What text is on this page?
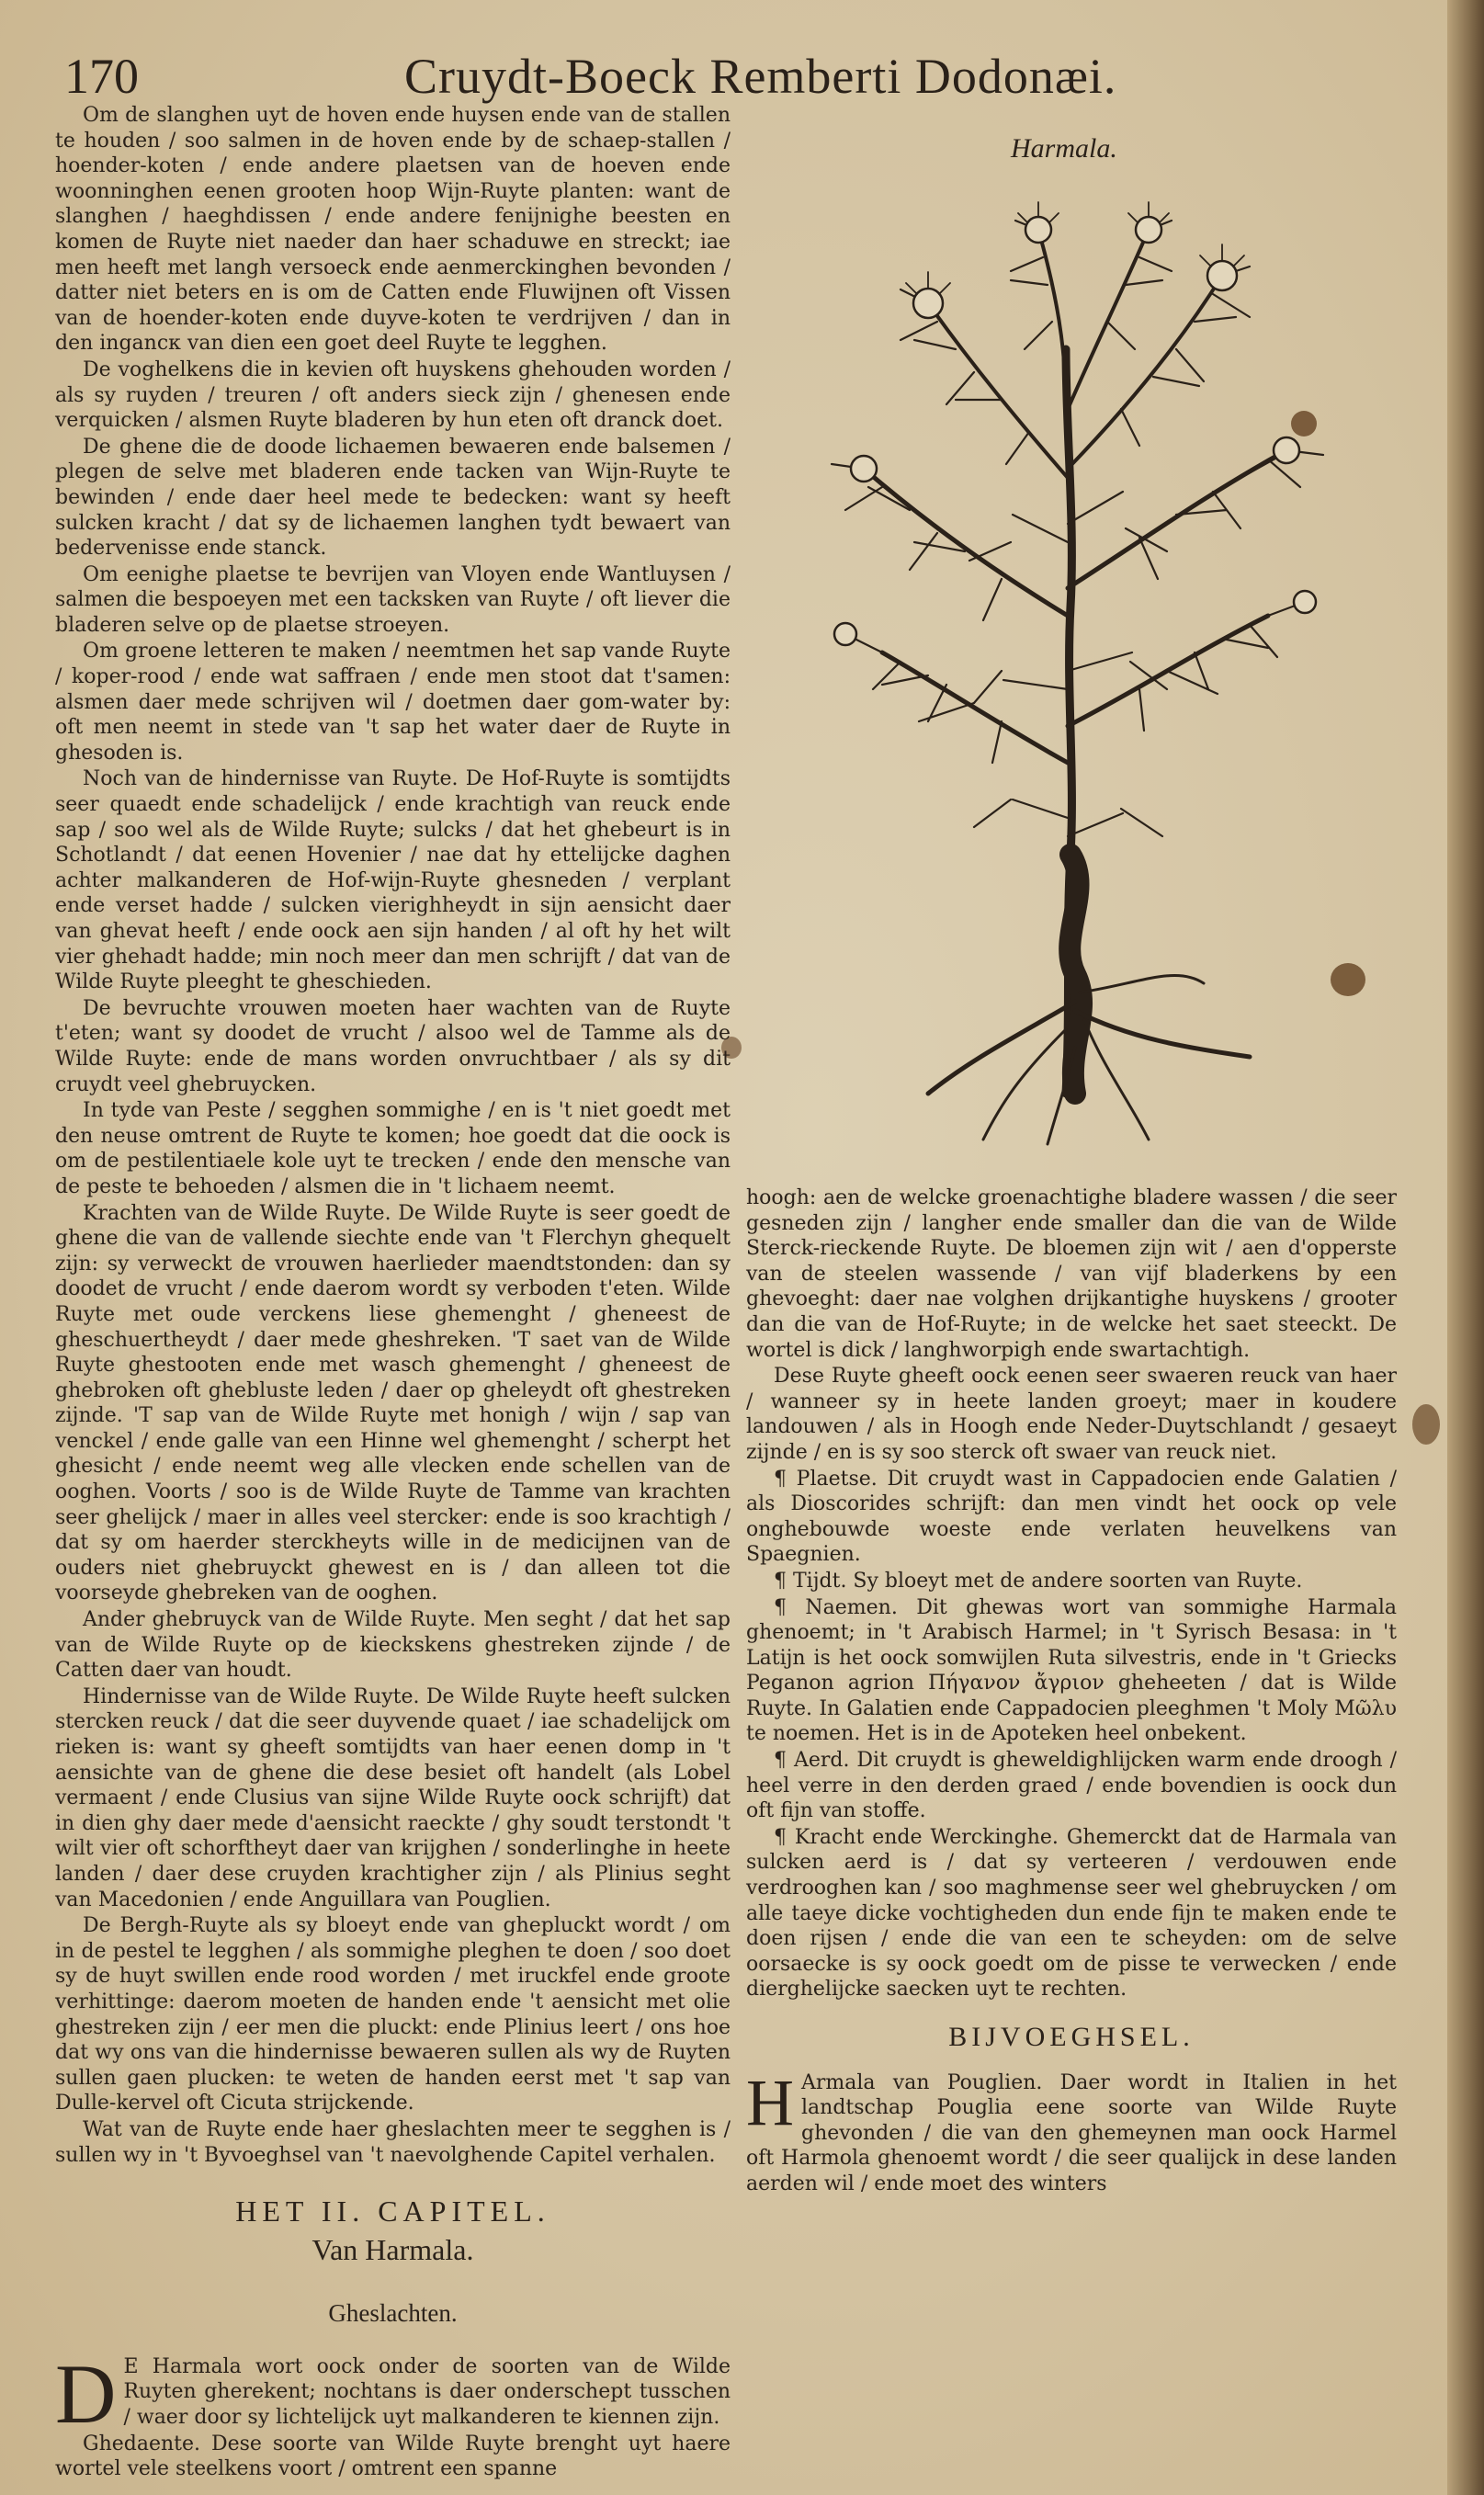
170	Cruydt-Boeck Remberti Dodonæi.
Harmala.

Om de slanghen uyt de hoven ende huysen ende van de stallen te houden / soo salmen in de hoven ende by de schaep-stallen / hoender-koten / ende andere plaetsen van de hoeven ende woonninghen eenen grooten hoop Wijn-Ruyte planten: want de slanghen / haeghdissen / ende andere fenijnighe beesten en komen de Ruyte niet naeder dan haer schaduwe en streckt; iae men heeft met langh versoeck ende aenmerckinghen bevonden / datter niet beters en is om de Catten ende Fluwijnen oft Vissen van de hoender-koten ende duyve-koten te verdrijven / dan in den ingancк van dien een goet deel Ruyte te legghen.

De voghelkens die in kevien oft huyskens ghehouden worden / als sy ruyden / treuren / oft anders sieck zijn / ghenesen ende verquicken / alsmen Ruyte bladeren by hun eten oft dranck doet.

De ghene die de doode lichaemen bewaeren ende balsemen / plegen de selve met bladeren ende tacken van Wijn-Ruyte te bewinden / ende daer heel mede te bedecken: want sy heeft sulcken kracht / dat sy de lichaemen langhen tydt bewaert van bedervenisse ende stanck.

Om eenighe plaetse te bevrijen van Vloyen ende Wantluysen / salmen die bespoeyen met een tacksken van Ruyte / oft liever die bladeren selve op de plaetse stroeyen.

Om groene letteren te maken / neemtmen het sap vande Ruyte / koper-rood / ende wat saffraen / ende men stoot dat t'samen: alsmen daer mede schrijven wil / doetmen daer gom-water by: oft men neemt in stede van 't sap het water daer de Ruyte in ghesoden is.

Noch van de hindernisse van Ruyte. De Hof-Ruyte is somtijdts seer quaedt ende schadelijck / ende krachtigh van reuck ende sap / soo wel als de Wilde Ruyte; sulcks / dat het ghebeurt is in Schotlandt / dat eenen Hovenier / nae dat hy ettelijcke daghen achter malkanderen de Hof-wijn-Ruyte ghesneden / verplant ende verset hadde / sulcken vierighheydt in sijn aensicht daer van ghevat heeft / ende oock aen sijn handen / al oft hy het wilt vier ghehadt hadde; min noch meer dan men schrijft / dat van de Wilde Ruyte pleeght te gheschieden.

De bevruchte vrouwen moeten haer wachten van de Ruyte t'eten; want sy doodet de vrucht / alsoo wel de Tamme als de Wilde Ruyte: ende de mans worden onvruchtbaer / als sy dit cruydt veel ghebruycken.

In tyde van Peste / segghen sommighe / en is 't niet goedt met den neuse omtrent de Ruyte te komen; hoe goedt dat die oock is om de pestilentiaele kole uyt te trecken / ende den mensche van de peste te behoeden / alsmen die in 't lichaem neemt.

Krachten van de Wilde Ruyte. De Wilde Ruyte is seer goedt de ghene die van de vallende siechte ende van 't Flerchyn ghequelt zijn: sy verweckt de vrouwen haerlieder maendtstonden: dan sy doodet de vrucht / ende daerom wordt sy verboden t'eten. Wilde Ruyte met oude verckens liese ghemenght / gheneest de gheschuertheydt / daer mede gheshreken. 'T saet van de Wilde Ruyte ghestooten ende met wasch ghemenght / gheneest de ghebroken oft ghebluste leden / daer op gheleydt oft ghestreken zijnde. 'T sap van de Wilde Ruyte met honigh / wijn / sap van venckel / ende galle van een Hinne wel ghemenght / scherpt het ghesicht / ende neemt weg alle vlecken ende schellen van de ooghen. Voorts / soo is de Wilde Ruyte de Tamme van krachten seer ghelijck / maer in alles veel stercker: ende is soo krachtigh / dat sy om haerder sterckheyts wille in de medicijnen van de ouders niet ghebruyckt ghewest en is / dan alleen tot die voorseyde ghebreken van de ooghen.

Ander ghebruyck van de Wilde Ruyte. Men seght / dat het sap van de Wilde Ruyte op de kieckskens ghestreken zijnde / de Catten daer van houdt.

Hindernisse van de Wilde Ruyte. De Wilde Ruyte heeft sulcken stercken reuck / dat die seer duyvende quaet / iae schadelijck om rieken is: want sy gheeft somtijdts van haer eenen domp in 't aensichte van de ghene die dese besiet oft handelt (als Lobel vermaent / ende Clusius van sijne Wilde Ruyte oock schrijft) dat in dien ghy daer mede d'aensicht raeckte / ghy soudt terstondt 't wilt vier oft schorftheyt daer van krijghen / sonderlinghe in heete landen / daer dese cruyden krachtigher zijn / als Plinius seght van Macedonien / ende Anguillara van Pouglien.

De Bergh-Ruyte als sy bloeyt ende van ghepluckt wordt / om in de pestel te legghen / als sommighe pleghen te doen / soo doet sy de huyt swillen ende rood worden / met iruckfel ende groote verhittinge: daerom moeten de handen ende 't aensicht met olie ghestreken zijn / eer men die pluckt: ende Plinius leert / ons hoe dat wy ons van die hindernisse bewaeren sullen als wy de Ruyten sullen gaen plucken: te weten de handen eerst met 't sap van Dulle-kervel oft Cicuta strijckende.

Wat van de Ruyte ende haer gheslachten meer te segghen is / sullen wy in 't Byvoeghsel van 't naevolghende Capitel verhalen.

HET II. CAPITEL.
Van Harmala.
Gheslachten.

D E Harmala wort oock onder de soorten van de Wilde Ruyten gherekent; nochtans is daer onderschept tusschen / waer door sy lichtelijck uyt malkanderen te kiennen zijn.

Ghedaente. Dese soorte van Wilde Ruyte brenght uyt haere wortel vele steelkens voort / omtrent een spanne

hoogh: aen de welcke groenachtighe bladere wassen / die seer gesneden zijn / langher ende smaller dan die van de Wilde Sterck-rieckende Ruyte. De bloemen zijn wit / aen d'opperste van de steelen wassende / van vijf bladerkens by een ghevoeght: daer nae volghen drijkantighe huyskens / grooter dan die van de Hof-Ruyte; in de welcke het saet steeckt. De wortel is dick / langhworpigh ende swartachtigh.

Dese Ruyte gheeft oock eenen seer swaeren reuck van haer / wanneer sy in heete landen groeyt; maer in koudere landouwen / als in Hoogh ende Neder-Duytschlandt / gesaeyt zijnde / en is sy soo sterck oft swaer van reuck niet.

¶ Plaetse. Dit cruydt wast in Cappadocien ende Galatien / als Dioscorides schrijft: dan men vindt het oock op vele onghebouwde woeste ende verlaten heuvelkens van Spaegnien.

¶ Tijdt. Sy bloeyt met de andere soorten van Ruyte.

¶ Naemen. Dit ghewas wort van sommighe Harmala ghenoemt; in 't Arabisch Harmel; in 't Syrisch Besasa: in 't Latijn is het oock somwijlen Ruta silvestris, ende in 't Griecks Peganon agrion Πήγανον ἄγριον gheheeten / dat is Wilde Ruyte. In Galatien ende Cappadocien pleeghmen 't Moly Μῶλυ te noemen. Het is in de Apoteken heel onbekent.

¶ Aerd. Dit cruydt is gheweldighlijcken warm ende droogh / heel verre in den derden graed / ende bovendien is oock dun oft fijn van stoffe.

¶ Kracht ende Werckinghe. Ghemerckt dat de Harmala van sulcken aerd is / dat sy verteeren / verdouwen ende verdrooghen kan / soo maghmense seer wel ghebruycken / om alle taeye dicke vochtigheden dun ende fijn te maken ende te doen rijsen / ende die van een te scheyden: om de selve oorsaecke is sy oock goedt om de pisse te verwecken / ende dierghelijcke saecken uyt te rechten.

BIJVOEGHSEL.

H Armala van Pouglien. Daer wordt in Italien in het landtschap Pouglia eene soorte van Wilde Ruyte ghevonden / die van den ghemeynen man oock Harmel oft Harmola ghenoemt wordt / die seer qualijck in dese landen aerden wil / ende moet des winters
